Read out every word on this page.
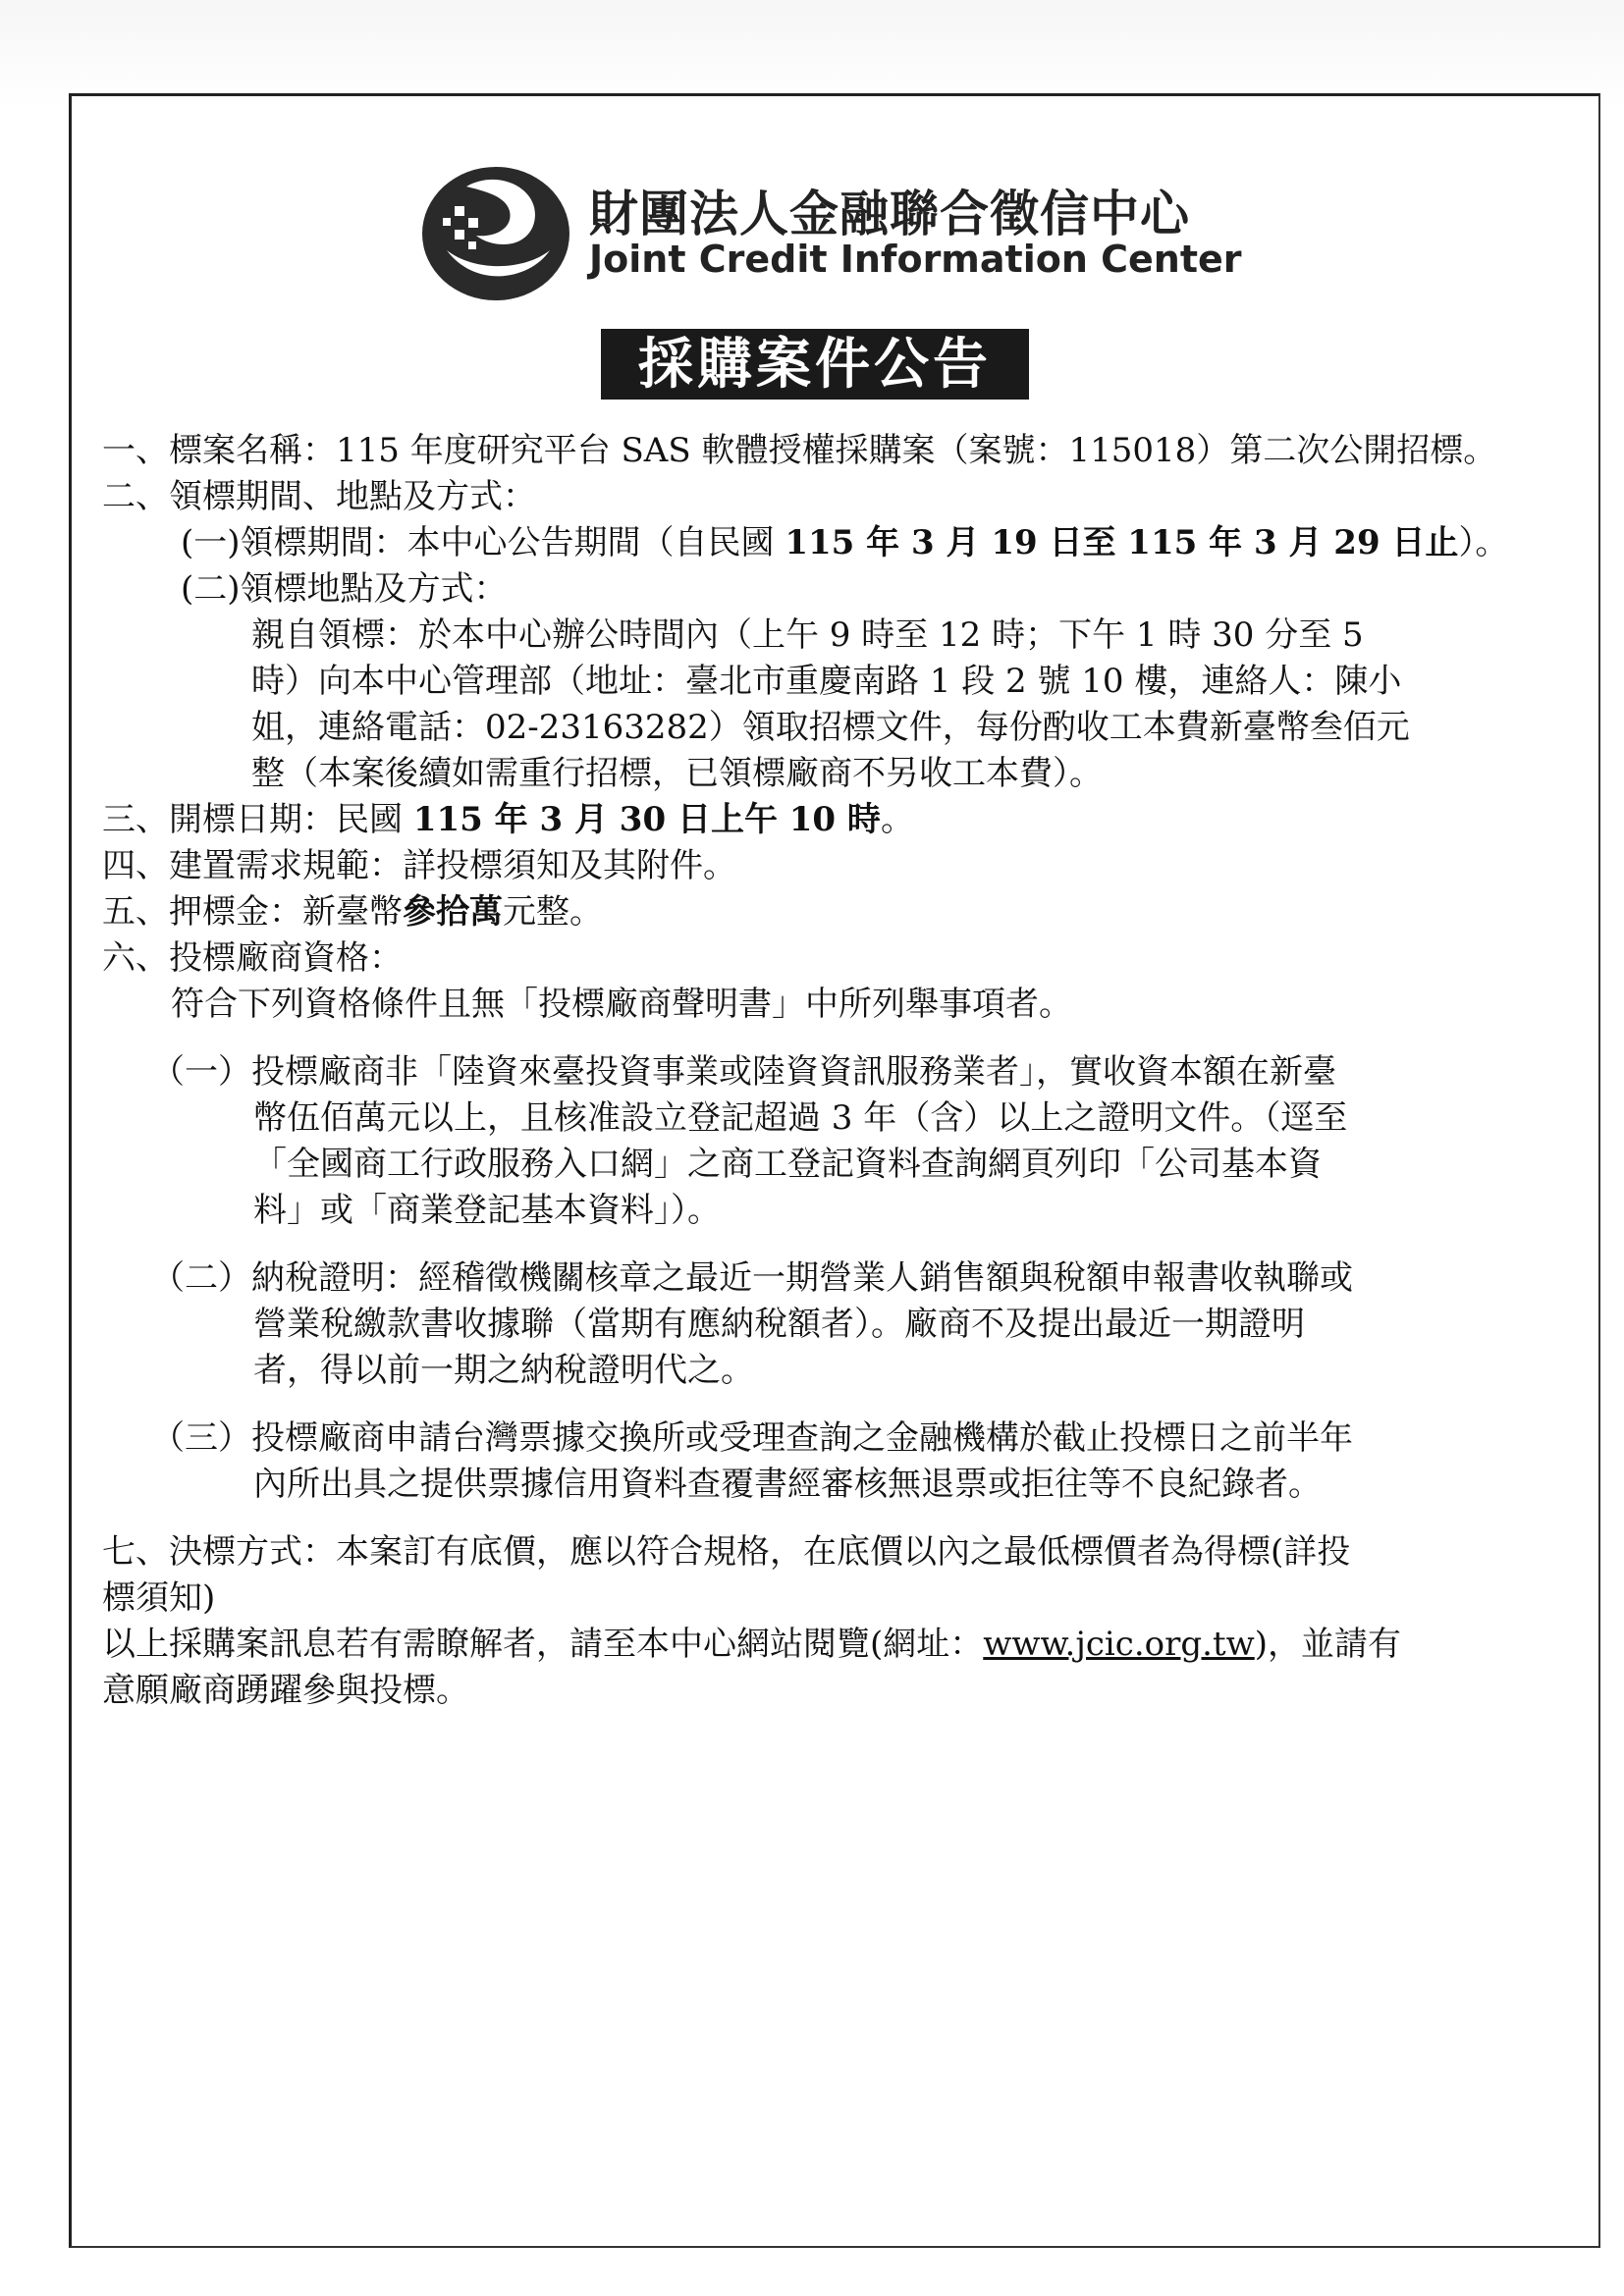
財團法人金融聯合徵信中心
Joint Credit Information Center
採購案件公告
一、標案名稱：115 年度研究平台 SAS 軟體授權採購案（案號：115018）第二次公開招標。
二、領標期間、地點及方式：
(一)領標期間：本中心公告期間（自民國 115 年 3 月 19 日至 115 年 3 月 29 日止）。
(二)領標地點及方式：
親自領標：於本中心辦公時間內（上午 9 時至 12 時；下午 1 時 30 分至 5
時）向本中心管理部（地址：臺北市重慶南路 1 段 2 號 10 樓，連絡人：陳小
姐，連絡電話：02-23163282）領取招標文件，每份酌收工本費新臺幣叁佰元
整（本案後續如需重行招標，已領標廠商不另收工本費）。
三、開標日期：民國 115 年 3 月 30 日上午 10 時。
四、建置需求規範：詳投標須知及其附件。
五、押標金：新臺幣參拾萬元整。
六、投標廠商資格：
符合下列資格條件且無「投標廠商聲明書」中所列舉事項者。
（一）投標廠商非「陸資來臺投資事業或陸資資訊服務業者」，實收資本額在新臺
幣伍佰萬元以上，且核准設立登記超過 3 年（含）以上之證明文件。（逕至
「全國商工行政服務入口網」之商工登記資料查詢網頁列印「公司基本資
料」或「商業登記基本資料」）。
（二）納稅證明：經稽徵機關核章之最近一期營業人銷售額與稅額申報書收執聯或
營業稅繳款書收據聯（當期有應納稅額者）。廠商不及提出最近一期證明
者，得以前一期之納稅證明代之。
（三）投標廠商申請台灣票據交換所或受理查詢之金融機構於截止投標日之前半年
內所出具之提供票據信用資料查覆書經審核無退票或拒往等不良紀錄者。
七、決標方式：本案訂有底價，應以符合規格，在底價以內之最低標價者為得標(詳投
標須知)
以上採購案訊息若有需瞭解者，請至本中心網站閱覽(網址：www.jcic.org.tw)，並請有
意願廠商踴躍參與投標。
